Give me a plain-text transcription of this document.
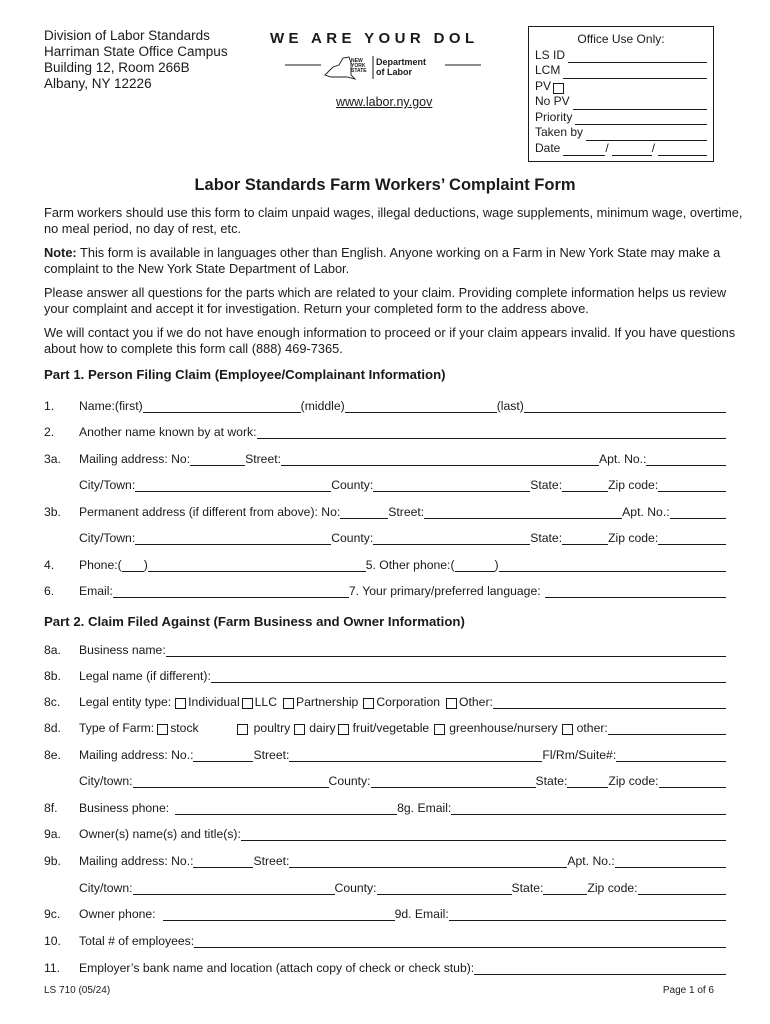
Division of Labor Standards
Harriman State Office Campus
Building 12, Room 266B
Albany, NY 12226
WE ARE YOUR DOL
NEW
YORK
STATE
Department
of Labor
www.labor.ny.gov
Office Use Only:
LS ID
LCM
PV
No PV
Priority
Taken by
Date	/	/
Labor Standards Farm Workers’ Complaint Form
Farm workers should use this form to claim unpaid wages, illegal deductions, wage supplements, minimum wage, overtime, no meal period, no day of rest, etc.
Note: This form is available in languages other than English. Anyone working on a Farm in New York State may make a complaint to the New York State Department of Labor.
Please answer all questions for the parts which are related to your claim. Providing complete information helps us review your complaint and accept it for investigation. Return your completed form to the address above.
We will contact you if we do not have enough information to proceed or if your claim appears invalid. If you have questions about how to complete this form call (888) 469-7365.
Part 1. Person Filing Claim (Employee/Complainant Information)
1.	Name:(first)	(middle)	(last)
2.	Another name known by at work:
3a.	Mailing address: No:	Street:	Apt. No.:
City/Town:	County:	State:	Zip code:
3b.	Permanent address (if different from above): No:	Street:	Apt. No.:
City/Town:	County:	State:	Zip code:
4.	Phone:( )	5. Other phone:(	)
6.	Email:	7. Your primary/preferred language:
Part 2. Claim Filed Against (Farm Business and Owner Information)
8a.	Business name:
8b.	Legal name (if different):
8c.	Legal entity type: Individual LLC Partnership Corporation Other:
8d.	Type of Farm: stock	poultry dairy fruit/vegetable greenhouse/nursery other:
8e.	Mailing address: No.:	Street:	Fl/Rm/Suite#:
City/town:	County:	State:	Zip code:
8f.	Business phone:	8g. Email:
9a.	Owner(s) name(s) and title(s):
9b.	Mailing address: No.:	Street:	Apt. No.:
City/town:	County:	State:	Zip code:
9c.	Owner phone:	9d. Email:
10.	Total # of employees:
11.	Employer’s bank name and location (attach copy of check or check stub):
LS 710 (05/24)	Page 1 of 6
